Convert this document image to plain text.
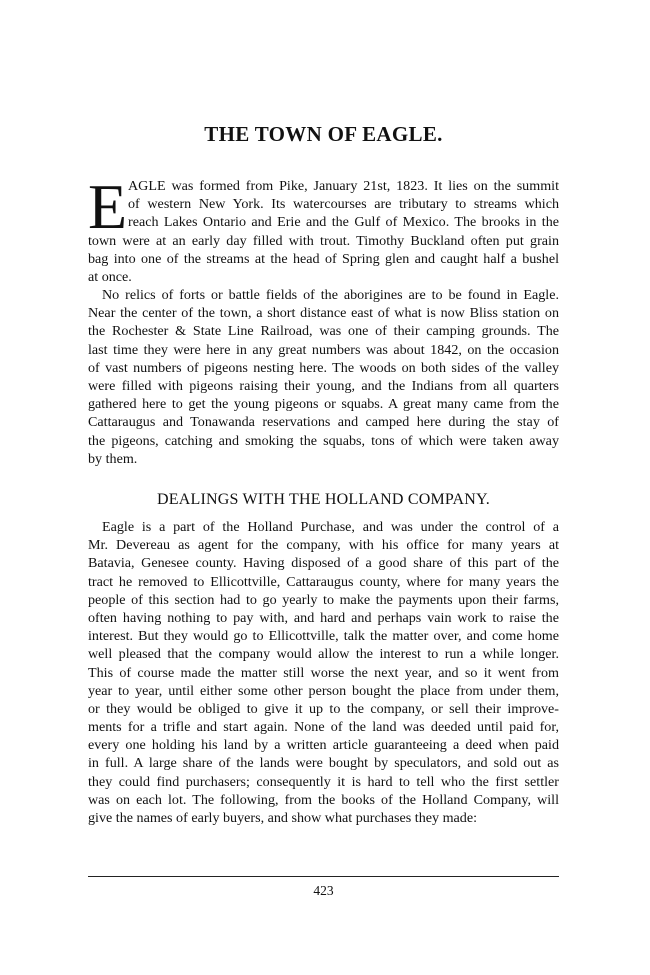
THE TOWN OF EAGLE.
E AGLE was formed from Pike, January 21st, 1823. It lies on the summit
of western New York. Its watercourses are tributary to streams which
reach Lakes Ontario and Erie and the Gulf of Mexico. The brooks in the
town were at an early day filled with trout. Timothy Buckland often put grain
bag into one of the streams at the head of Spring glen and caught half a bushel
at once.
No relics of forts or battle fields of the aborigines are to be found in Eagle.
Near the center of the town, a short distance east of what is now Bliss station on
the Rochester & State Line Railroad, was one of their camping grounds. The
last time they were here in any great numbers was about 1842, on the occasion
of vast numbers of pigeons nesting here. The woods on both sides of the valley
were filled with pigeons raising their young, and the Indians from all quarters
gathered here to get the young pigeons or squabs. A great many came from the
Cattaraugus and Tonawanda reservations and camped here during the stay of
the pigeons, catching and smoking the squabs, tons of which were taken away
by them.
DEALINGS WITH THE HOLLAND COMPANY.
Eagle is a part of the Holland Purchase, and was under the control of a
Mr. Devereau as agent for the company, with his office for many years at
Batavia, Genesee county. Having disposed of a good share of this part of the
tract he removed to Ellicottville, Cattaraugus county, where for many years the
people of this section had to go yearly to make the payments upon their farms,
often having nothing to pay with, and hard and perhaps vain work to raise the
interest. But they would go to Ellicottville, talk the matter over, and come home
well pleased that the company would allow the interest to run a while longer.
This of course made the matter still worse the next year, and so it went from
year to year, until either some other person bought the place from under them,
or they would be obliged to give it up to the company, or sell their improve-
ments for a trifle and start again. None of the land was deeded until paid for,
every one holding his land by a written article guaranteeing a deed when paid
in full. A large share of the lands were bought by speculators, and sold out as
they could find purchasers; consequently it is hard to tell who the first settler
was on each lot. The following, from the books of the Holland Company, will
give the names of early buyers, and show what purchases they made:
423
